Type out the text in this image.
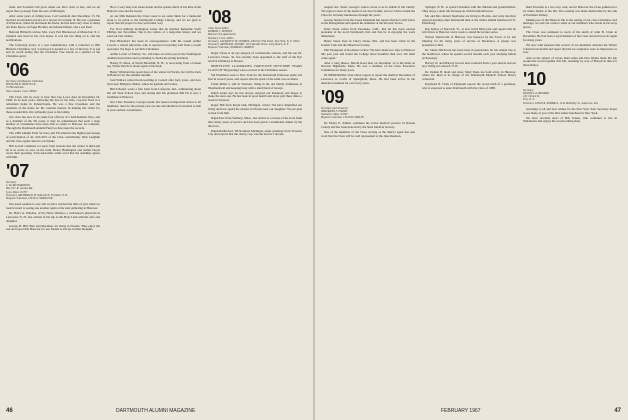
band, and Scotland will grow under our life's twist of fate, and we all regret that a passage from the seas of Michigan.

After some years of felling trees, Carl Gottsfeld died December 15. He had had an extended practice in a lawyer in Cornish, N. He was a graduate of Princeton, where he had made his home, he had been very close to many old Peter Ryers, an Eager Brother, and Mount Palmer, and a son Paul.

Bertram Hilliard's widow, Mrs. Lucy Fair Blackwood of Montclair, N. J. founded and lived in her own house. It was the last thing on it, and the notifications.

The following notice is a real remembrance with a reference to Bill Birnett's Christmas card. Cordwood is needed to a few of the best. It is sad and be worth noting that the Christmas Tree stands as a symbol of the Christmas spirit.

'06
Secretary and Bequest Chairman
SPENCER B. SHATTUCK
55 Harvard Ave.
New Canaan, Conn. 06840

The Class will be sorry to hear that Cap Lowe died on December 19, 1966. In its next years, following the loss of his wife, Cap has lived in a retirement home in Pennsylvania. He was a fine Classmate and the residents of the home for his constant interest in making life richer for those around him. Our sympathy goes to his family.

Our class has now in its ranks four officers of a half-hundred lives, and as a member of the '06 roster, it may be remembered that such a large number of Classmates have been able to return to Hanover for reunions. Through the Dartmouth Alumni Fund we have kept the records.

The 1966 Alumni Fund 54 class, and '06 achieved the highest percentage of participation of all, with 99% of the Class contributing. Dick Laughlin and the class agents deserve our thanks.

Bill Lowell continues to report from Arizona that the winter is mild and he is as active as ever on his farm. Henry Huntington and Arthur Doyle wrote their greetings. Tom Alexander sends word that the sunshine agrees with him.

'07
Secretary
L. M. RICHARDSON
Box 527, R. Gordon Rd.
Lyon, Mass. 01797
Treasurer, ARCHIBALD H. WALLACE, Franklin, N. H.
Bequest Chairman, LEON A. SPANGLER

Our usual reunion is over and we have reached the time of year when we look forward to seeing one another again at the next gathering in Hanover.

Dr. Harry A. Windsor, of Dr. Harry Windsor, a well-known physician in Lancaster, N. H., has written of his trip to the Holy Land with his wife and daughter.

George H. Hill, Burt and Mortimer are living in Florida. They enjoy the sun and report that Hanover for our friends is always in their thoughts.

He is a very busy real estate dealer and he spends much of his time in the Hanover area and the Green.

At our 60th Reunion the Class voted to set aside funds for a memorial book to be given to the Dartmouth College Library, and we are glad to report that the project is now well under way.

For Fred Anthony Rodington writes that he married Katherine Swift Phillips last November. She is the widow of a long-time friend, and we send our best wishes.

Paul Blanchard has been in correspondence with his cousin Arthur Lowell, a retired physician, who is reported recovering well from a recent operation. We hope to see him at Reunion.

Arthur Lovett of Fairfax, Va., still takes an active part in the Washington Alumni Association and is planning to attend the spring luncheon.

Harley N. Moss, of North Haverhill, N. H., is recovering from a broken leg. Writes that he is about again at his desk.

Henry Wickland has spent most of the winter in Florida, but will be back in Hanover for the summer months.

Jack Wallace retired from teaching at Cornell after forty years, and now lives near Bridgton, Maine, where he gardens and writes.

Bill Schaefer wrote a fine letter from Lafayette, Ind., reminiscing about the old Tuck School days and noting that his grandson Bill III is now a freshman at Hanover.

Our Class Treasurer, George Gould, has issued an important notice to all members: dues for the present year are due and should be forwarded to him at your earliest convenience.

'08
Class News Editor
ROBERT J. HOYNES
Hanover Inn Apartments
Danbury, Conn. 06812
Secretary, LAURENCE M. SYMMES, 400 East 57th Street, New York, N. Y. 10022
Treasurer, ARTHUR R. MOORE, 110 Lakeside Drive, Long Beach, N. Y.
Bequest Chairman, NORMAN CARMEN

Roger Chase is an eye surgeon of considerable renown, and his son Dr. Lawrence Chase, '41, has recently been appointed to the staff of the Eye and Ear Infirmary at Boston.

NINETY-FIVE CLASSMATES, FORTY-FIVE FIFTY-NINE YEARS CLASS OF '08 greetings were received at the Christmas season.

Sid Washburn went to New York for the Dartmouth Princeton game, his first in several years, and reports that the spirit of the team was excellent.

Frank Miller is still in Vermont, living in the old family farmhouse at Weathersfield and keeping busy with a small herd of Jerseys.

Ralph Grant says he has always enjoyed our Reunions and hopes to make the next one. He has been in good health and plays golf three times a week in Sarasota.

Roger Hill from Royal Oak, Michigan, writes: 'We have simplified our living and now spend the winters in Florida near our daughter.' We are glad to hear from him.

Ralph Peer from Sudbury, Mass., has retired as a trustee of the local bank after many years of service and has been given a testimonial dinner by the directors.

Ralph Rutherford, '08 Northern Michigan, sends greetings from Traverse City and reports that the cherry crop was the best in a decade.

46	DARTMOUTH ALUMNI MAGAZINE

August last. Sister, George's widow wrote to us in behalf of the family: 'We regret to hear of the death of our dear brother, and we wish to thank the Class for its many kindnesses through the years.'

George Snyder from the Green Mountain Inn reports that he is still active in the management and spends his summers at the inn near Stowe.

Dana Sloan writes from Pasadena, Calif., that he has been elected president of the local Dartmouth club and that he is enjoying the work immensely.

Henry Stone lives in Chevy Chase, Md., and has been active in the Garden Club and the Historical Society.

Phil Thompson of Rochester writes: 'We have made two trips to Hanover this past year and found the College more beautiful than ever. We shall come again.'

After a long illness, Harold Reed died on December 12 at his home in Newton Highlands, Mass. He was a member of the Class Executive Committee for many years.

IN MEMORIAM. Your editor regrets to report the death in December of Lawrence A. Crafts of Springfield, Mass. He had been active in the insurance business for over forty years.

'09
Secretary and Treasurer
BERTRAND F. EMERY
Sandwich, Mass. 02563
Bequest Chairman, LEON B. FARLEY

Dr. Henry E. Kilmer continues his active medical practice in Nassau County and has been honored by the State Medical Society.

One of the members of the Class serving as the district agent has sent word that the Class will be well represented at the June Reunion.

Springer, N. H., to spend Christmas with the children and grandchildren. They enjoy a quiet life but keep up with Dartmouth news.

Mr. and Mrs. Robert Sherburne are living in Florida, and write that they enjoyed meeting other Dartmouth men at the winter alumni luncheon in St. Petersburg.

Ray Kelley of Norwich, Vt., is now in his 82nd year and reports that he still drives to Hanover every week to attend the lecture series.

Warren Wentworth of Hanover was honored by the Town at its last Meeting for his many years of service as Moderator. A plaque was presented to him.

Dr. James Hitchcock has been busy in preparation for his annual trip to the Southwest, where he spends several months each year studying Indian archaeology.

Harvey W. and Marjory Graves have returned from a year abroad and are now living in Concord, N. H.

Dr. Dennis H. Reid and sister Mary Dana are both active in Hanover, where Dr. Reid is in charge of the Dartmouth Medical School library collection.

Raymond R. Clark of Plymouth reports the recent birth of a grandson, who is expected to enter Dartmouth with the Class of 1988.

Reid Freedom is a two-way road, and in Hanover the Class gathered for its winter dinner at the Inn. The evening was made memorable by the talk of President Dickey.

Making use of the Hanover Inn as the setting of our class Christmas card message, we sent out cards to some of our members who reside in far-away places.

The Class was saddened to learn of the death of John B. Clark in December. He had been a loyal member of the Class and served as its agent for many years.

We note with pleasure that several of our members attended the Winter Carnival last month and report that the ice sculptures were as impressive as ever.

And on the subject of travel, Reid Allen and Don Weeks made the trip around the world together this fall, returning by way of Hawaii in time for the holidays.

'10
Secretary
RUSSELL A. BEDARD
216 Clinton St.
Troy, N. Y.
Treasurer, LEWIS R. KIMBALL, 1144 McKinley St., Anderson, Ind.

Greetings to all and best wishes for the New Year. Your Secretary hopes to see many of you at the mid-winter luncheon in New York.

We have received news of Bob Tanzer, who continues to live in Winchester and enjoys his woodworking shop.

FEBRUARY 1967	47
